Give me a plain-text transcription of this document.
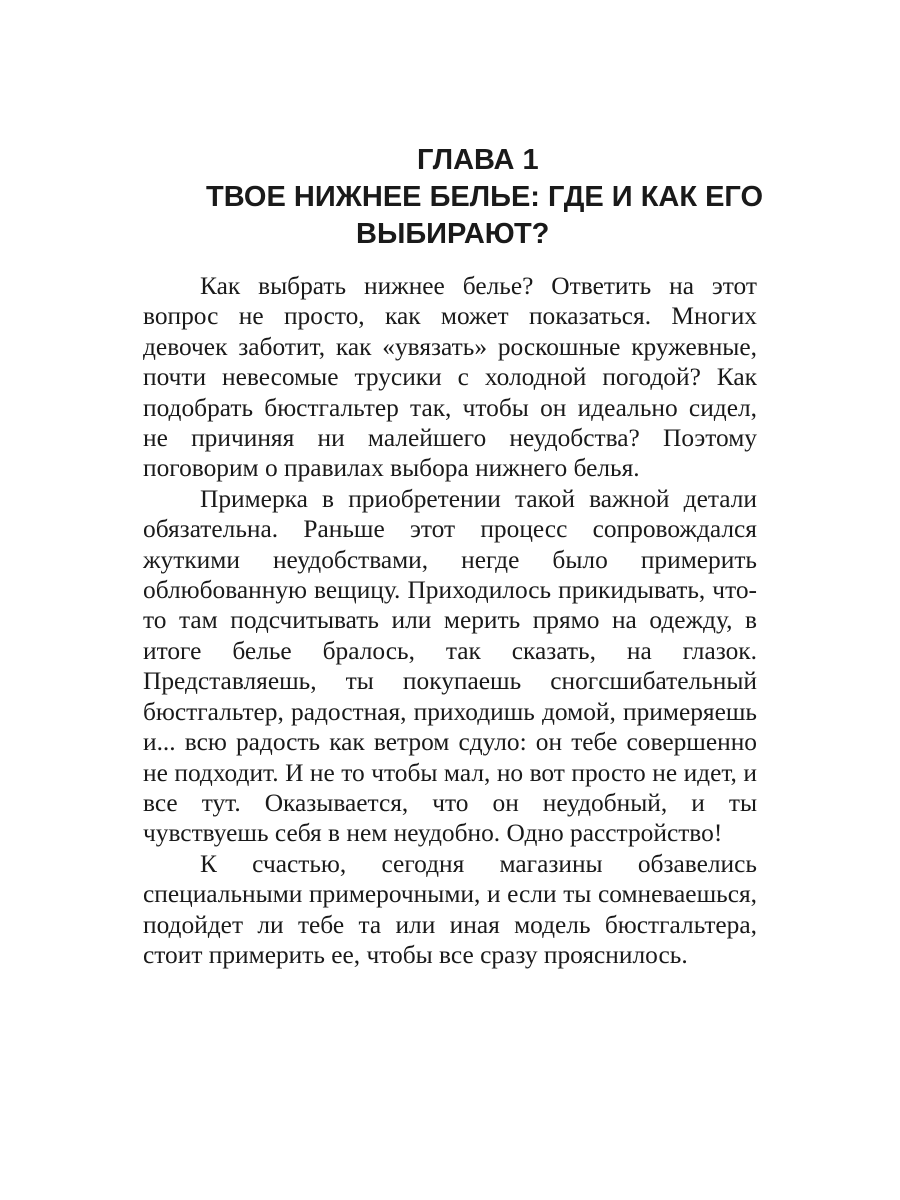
ГЛАВА 1
ТВОЕ НИЖНЕЕ БЕЛЬЕ: ГДЕ И КАК ЕГО
ВЫБИРАЮТ?

Как выбрать нижнее белье? Ответить на этот вопрос не просто, как может показаться. Многих девочек заботит, как «увязать» роскошные кружевные, почти невесомые трусики с холодной погодой? Как подобрать бюстгальтер так, чтобы он идеально сидел, не причиняя ни малейшего неудобства? Поэтому поговорим о правилах выбора нижнего белья.

Примерка в приобретении такой важной детали обязательна. Раньше этот процесс сопровождался жуткими неудобствами, негде было примерить облюбованную вещицу. Приходилось прикидывать, что-то там подсчитывать или мерить прямо на одежду, в итоге белье бралось, так сказать, на глазок. Представляешь, ты покупаешь сногсшибательный бюстгальтер, радостная, приходишь домой, примеряешь и... всю радость как ветром сдуло: он тебе совершенно не подходит. И не то чтобы мал, но вот просто не идет, и все тут. Оказывается, что он неудобный, и ты чувствуешь себя в нем неудобно. Одно расстройство!

К счастью, сегодня магазины обзавелись специальными примерочными, и если ты сомневаешься, подойдет ли тебе та или иная модель бюстгальтера, стоит примерить ее, чтобы все сразу прояснилось.
